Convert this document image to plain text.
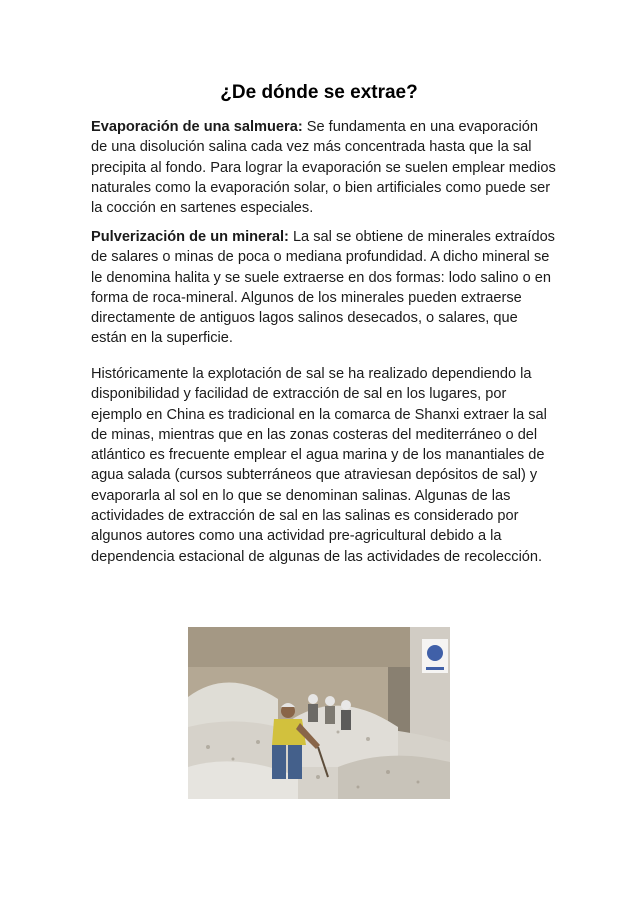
¿De dónde se extrae?

Evaporación de una salmuera: Se fundamenta en una evaporación de una disolución salina cada vez más concentrada hasta que la sal precipita al fondo. Para lograr la evaporación se suelen emplear medios naturales como la evaporación solar, o bien artificiales como puede ser la cocción en sartenes especiales.

Pulverización de un mineral: La sal se obtiene de minerales extraídos de salares o minas de poca o mediana profundidad. A dicho mineral se le denomina halita y se suele extraerse en dos formas: lodo salino o en forma de roca-mineral. Algunos de los minerales pueden extraerse directamente de antiguos lagos salinos desecados, o salares, que están en la superficie.

Históricamente la explotación de sal se ha realizado dependiendo la disponibilidad y facilidad de extracción de sal en los lugares, por ejemplo en China es tradicional en la comarca de Shanxi extraer la sal de minas, mientras que en las zonas costeras del mediterráneo o del atlántico es frecuente emplear el agua marina y de los manantiales de agua salada (cursos subterráneos que atraviesan depósitos de sal) y evaporarla al sol en lo que se denominan salinas. Algunas de las actividades de extracción de sal en las salinas es considerado por algunos autores como una actividad pre-agricultural debido a la dependencia estacional de algunas de las actividades de recolección.
